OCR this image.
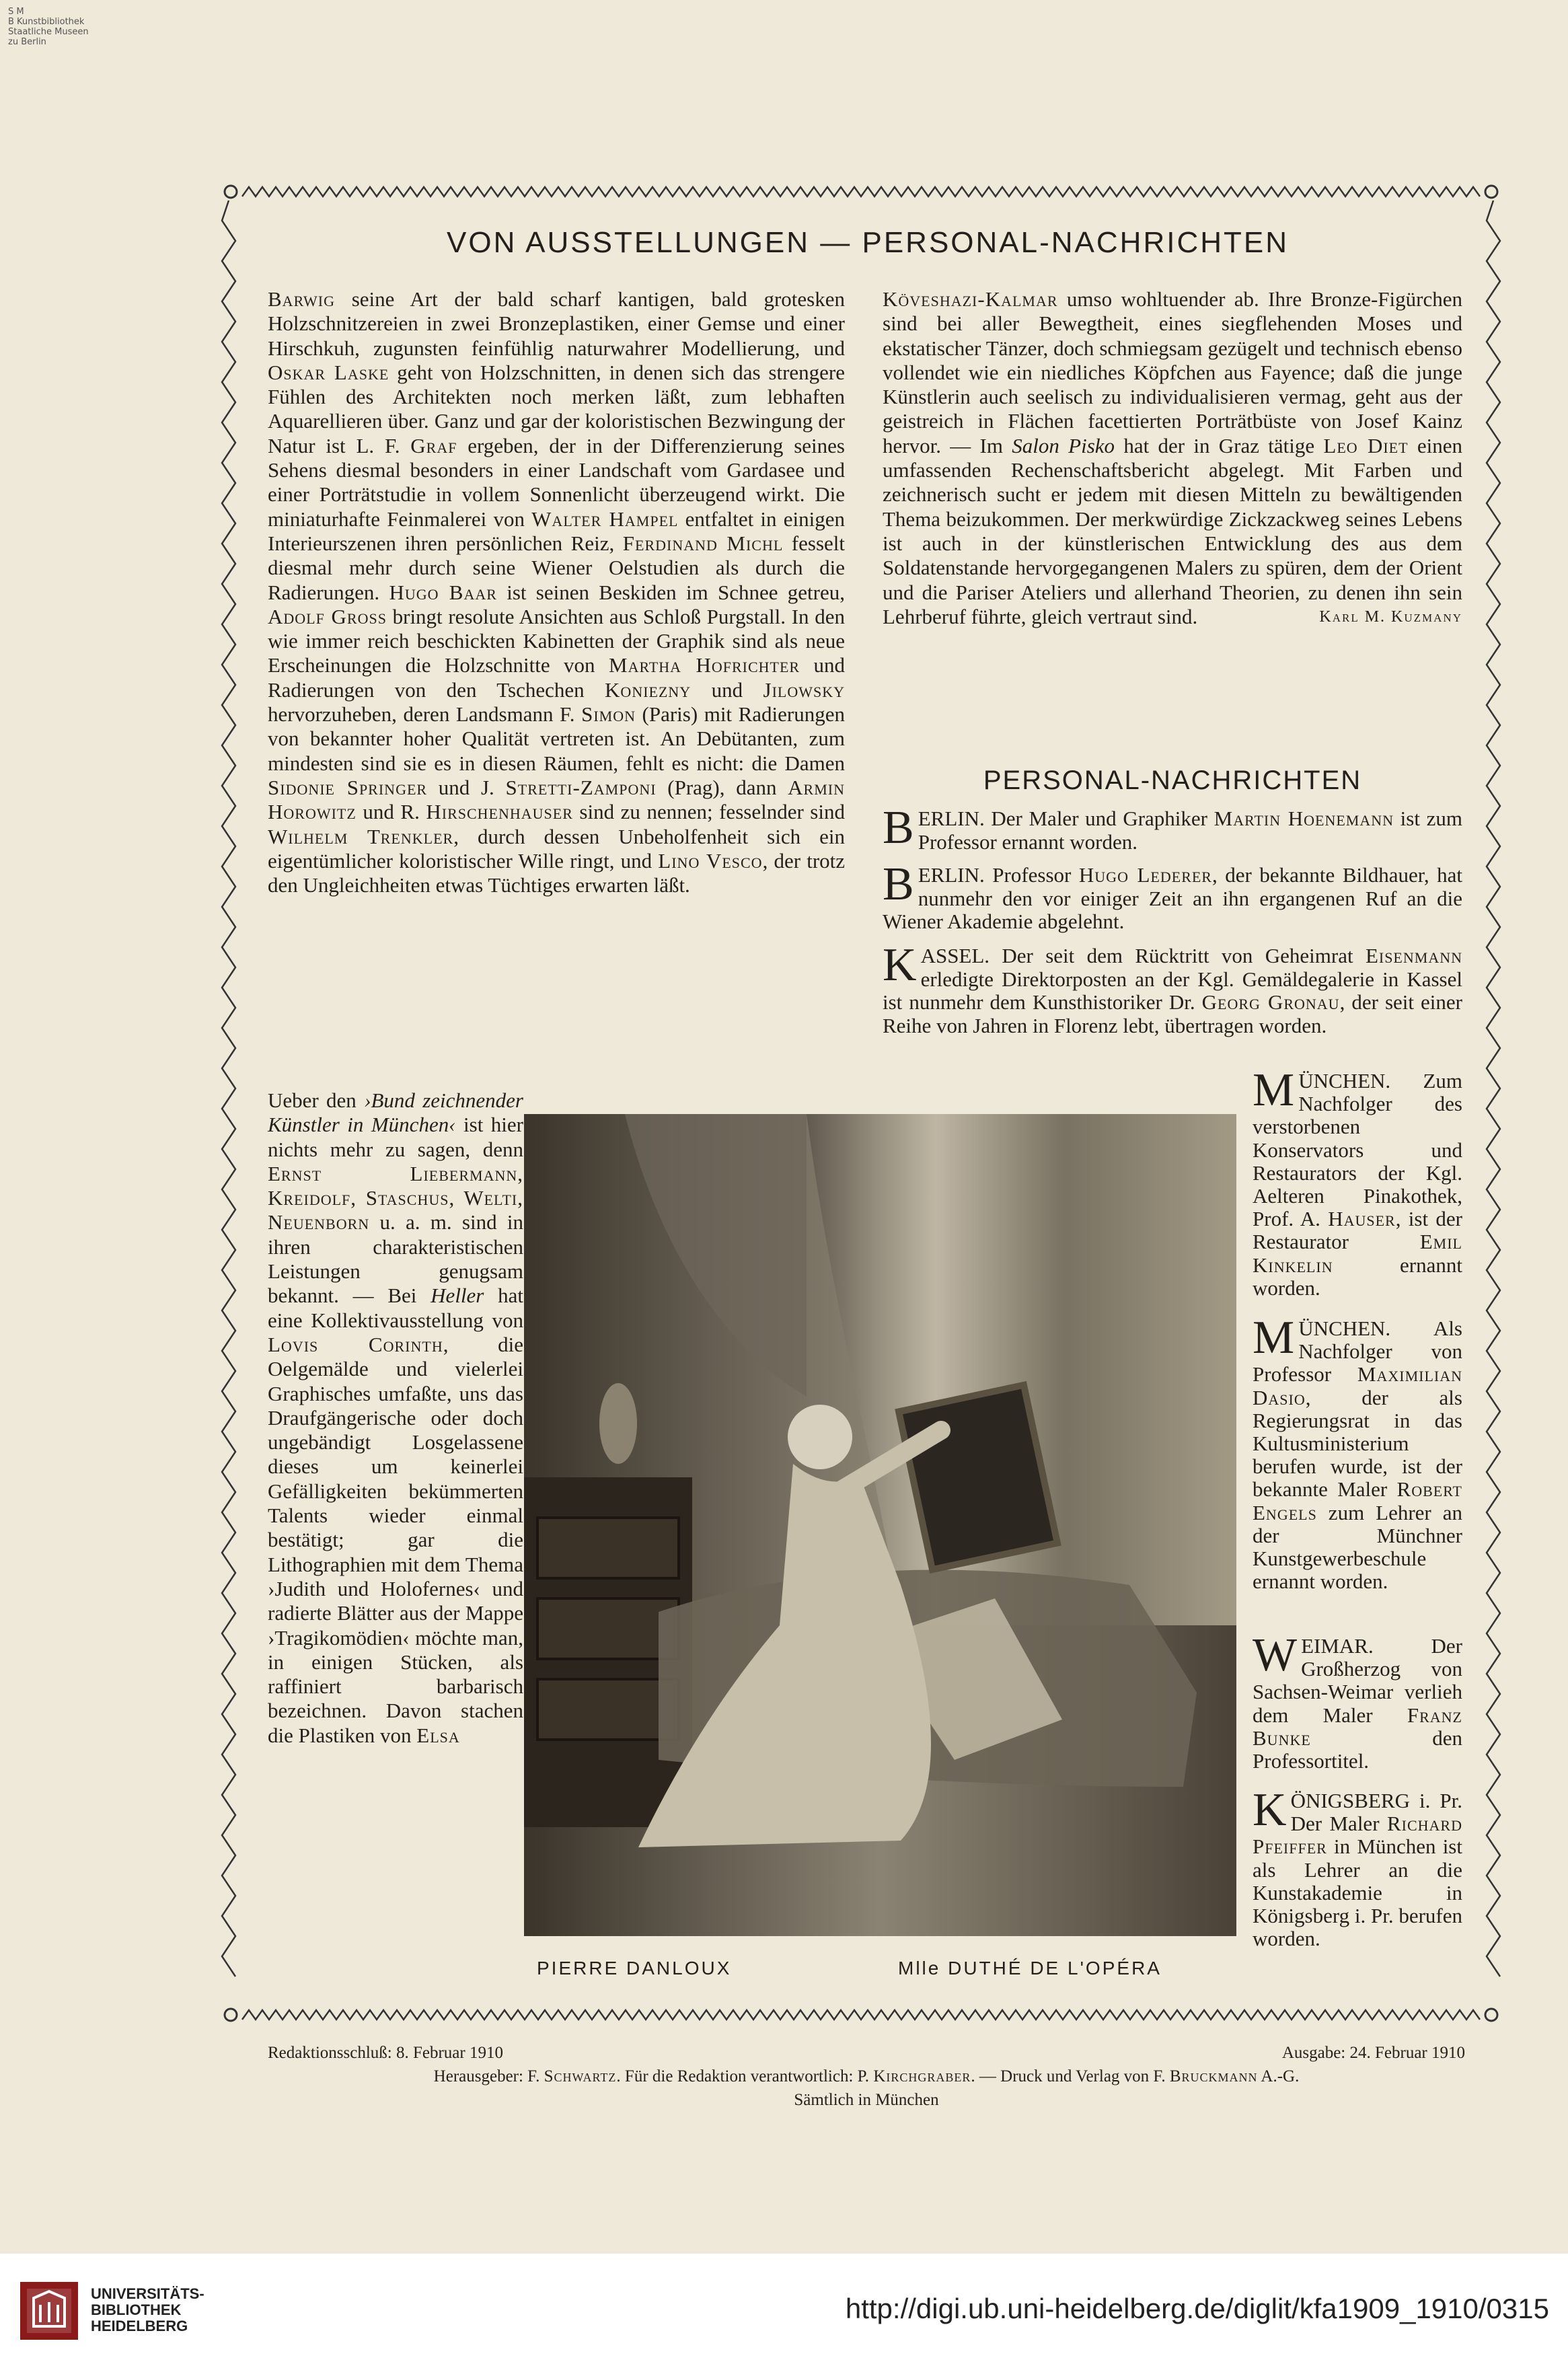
S M
B Kunstbibliothek
Staatliche Museen
zu Berlin
VON AUSSTELLUNGEN — PERSONAL-NACHRICHTEN

Barwig seine Art der bald scharf kantigen, bald grotesken Holzschnitzereien in zwei Bronzeplastiken, einer Gemse und einer Hirschkuh, zugunsten feinfühlig naturwahrer Modellierung, und Oskar Laske geht von Holzschnitten, in denen sich das strengere Fühlen des Architekten noch merken läßt, zum lebhaften Aquarellieren über. Ganz und gar der koloristischen Bezwingung der Natur ist L. F. Graf ergeben, der in der Differenzierung seines Sehens diesmal besonders in einer Landschaft vom Gardasee und einer Porträtstudie in vollem Sonnenlicht überzeugend wirkt. Die miniaturhafte Feinmalerei von Walter Hampel entfaltet in einigen Interieurszenen ihren persönlichen Reiz, Ferdinand Michl fesselt diesmal mehr durch seine Wiener Oelstudien als durch die Radierungen. Hugo Baar ist seinen Beskiden im Schnee getreu, Adolf Gross bringt resolute Ansichten aus Schloß Purgstall. In den wie immer reich beschickten Kabinetten der Graphik sind als neue Erscheinungen die Holzschnitte von Martha Hofrichter und Radierungen von den Tschechen Koniezny und Jilowsky hervorzuheben, deren Landsmann F. Simon (Paris) mit Radierungen von bekannter hoher Qualität vertreten ist. An Debütanten, zum mindesten sind sie es in diesen Räumen, fehlt es nicht: die Damen Sidonie Springer und J. Stretti-Zamponi (Prag), dann Armin Horowitz und R. Hirschenhauser sind zu nennen; fesselnder sind Wilhelm Trenkler, durch dessen Unbeholfenheit sich ein eigentümlicher koloristischer Wille ringt, und Lino Vesco, der trotz den Ungleichheiten etwas Tüchtiges erwarten läßt.

Ueber den ›Bund zeichnender Künstler in München‹ ist hier nichts mehr zu sagen, denn Ernst Liebermann, Kreidolf, Staschus, Welti, Neuenborn u. a. m. sind in ihren charakteristischen Leistungen genugsam bekannt. — Bei Heller hat eine Kollektivausstellung von Lovis Corinth, die Oelgemälde und vielerlei Graphisches umfaßte, uns das Draufgängerische oder doch ungebändigt Losgelassene dieses um keinerlei Gefälligkeiten bekümmerten Talents wieder einmal bestätigt; gar die Lithographien mit dem Thema ›Judith und Holofernes‹ und radierte Blätter aus der Mappe ›Tragikomödien‹ möchte man, in einigen Stücken, als raffiniert barbarisch bezeichnen. Davon stachen die Plastiken von Elsa

Köveshazi-Kalmar umso wohltuender ab. Ihre Bronze-Figürchen sind bei aller Bewegtheit, eines siegflehenden Moses und ekstatischer Tänzer, doch schmiegsam gezügelt und technisch ebenso vollendet wie ein niedliches Köpfchen aus Fayence; daß die junge Künstlerin auch seelisch zu individualisieren vermag, geht aus der geistreich in Flächen facettierten Porträtbüste von Josef Kainz hervor. — Im Salon Pisko hat der in Graz tätige Leo Diet einen umfassenden Rechenschaftsbericht abgelegt. Mit Farben und zeichnerisch sucht er jedem mit diesen Mitteln zu bewältigenden Thema beizukommen. Der merkwürdige Zickzackweg seines Lebens ist auch in der künstlerischen Entwicklung des aus dem Soldatenstande hervorgegangenen Malers zu spüren, dem der Orient und die Pariser Ateliers und allerhand Theorien, zu denen ihn sein Lehrberuf führte, gleich vertraut sind.	Karl M. Kuzmany
PERSONAL-NACHRICHTEN

BERLIN. Der Maler und Graphiker Martin Hoenemann ist zum Professor ernannt worden.

BERLIN. Professor Hugo Lederer, der bekannte Bildhauer, hat nunmehr den vor einiger Zeit an ihn ergangenen Ruf an die Wiener Akademie abgelehnt.

KASSEL. Der seit dem Rücktritt von Geheimrat Eisenmann erledigte Direktorposten an der Kgl. Gemäldegalerie in Kassel ist nunmehr dem Kunsthistoriker Dr. Georg Gronau, der seit einer Reihe von Jahren in Florenz lebt, übertragen worden.

MÜNCHEN. Zum Nachfolger des verstorbenen Konservators und Restaurators der Kgl. Aelteren Pinakothek, Prof. A. Hauser, ist der Restaurator Emil Kinkelin ernannt worden.

MÜNCHEN. Als Nachfolger von Professor Maximilian Dasio, der als Regierungsrat in das Kultusministerium berufen wurde, ist der bekannte Maler Robert Engels zum Lehrer an der Münchner Kunstgewerbeschule ernannt worden.

WEIMAR. Der Großherzog von Sachsen-Weimar verlieh dem Maler Franz Bunke den Professortitel.

KÖNIGSBERG i. Pr. Der Maler Richard Pfeiffer in München ist als Lehrer an die Kunstakademie in Königsberg i. Pr. berufen worden.

PIERRE DANLOUX	Mlle DUTHÉ DE L'OPÉRA
Redaktionsschluß: 8. Februar 1910	Ausgabe: 24. Februar 1910
Herausgeber: F. Schwartz. Für die Redaktion verantwortlich: P. Kirchgraber. — Druck und Verlag von F. Bruckmann A.-G.
Sämtlich in München
UNIVERSITÄTS-
BIBLIOTHEK
HEIDELBERG
http://digi.ub.uni-heidelberg.de/diglit/kfa1909_1910/0315
